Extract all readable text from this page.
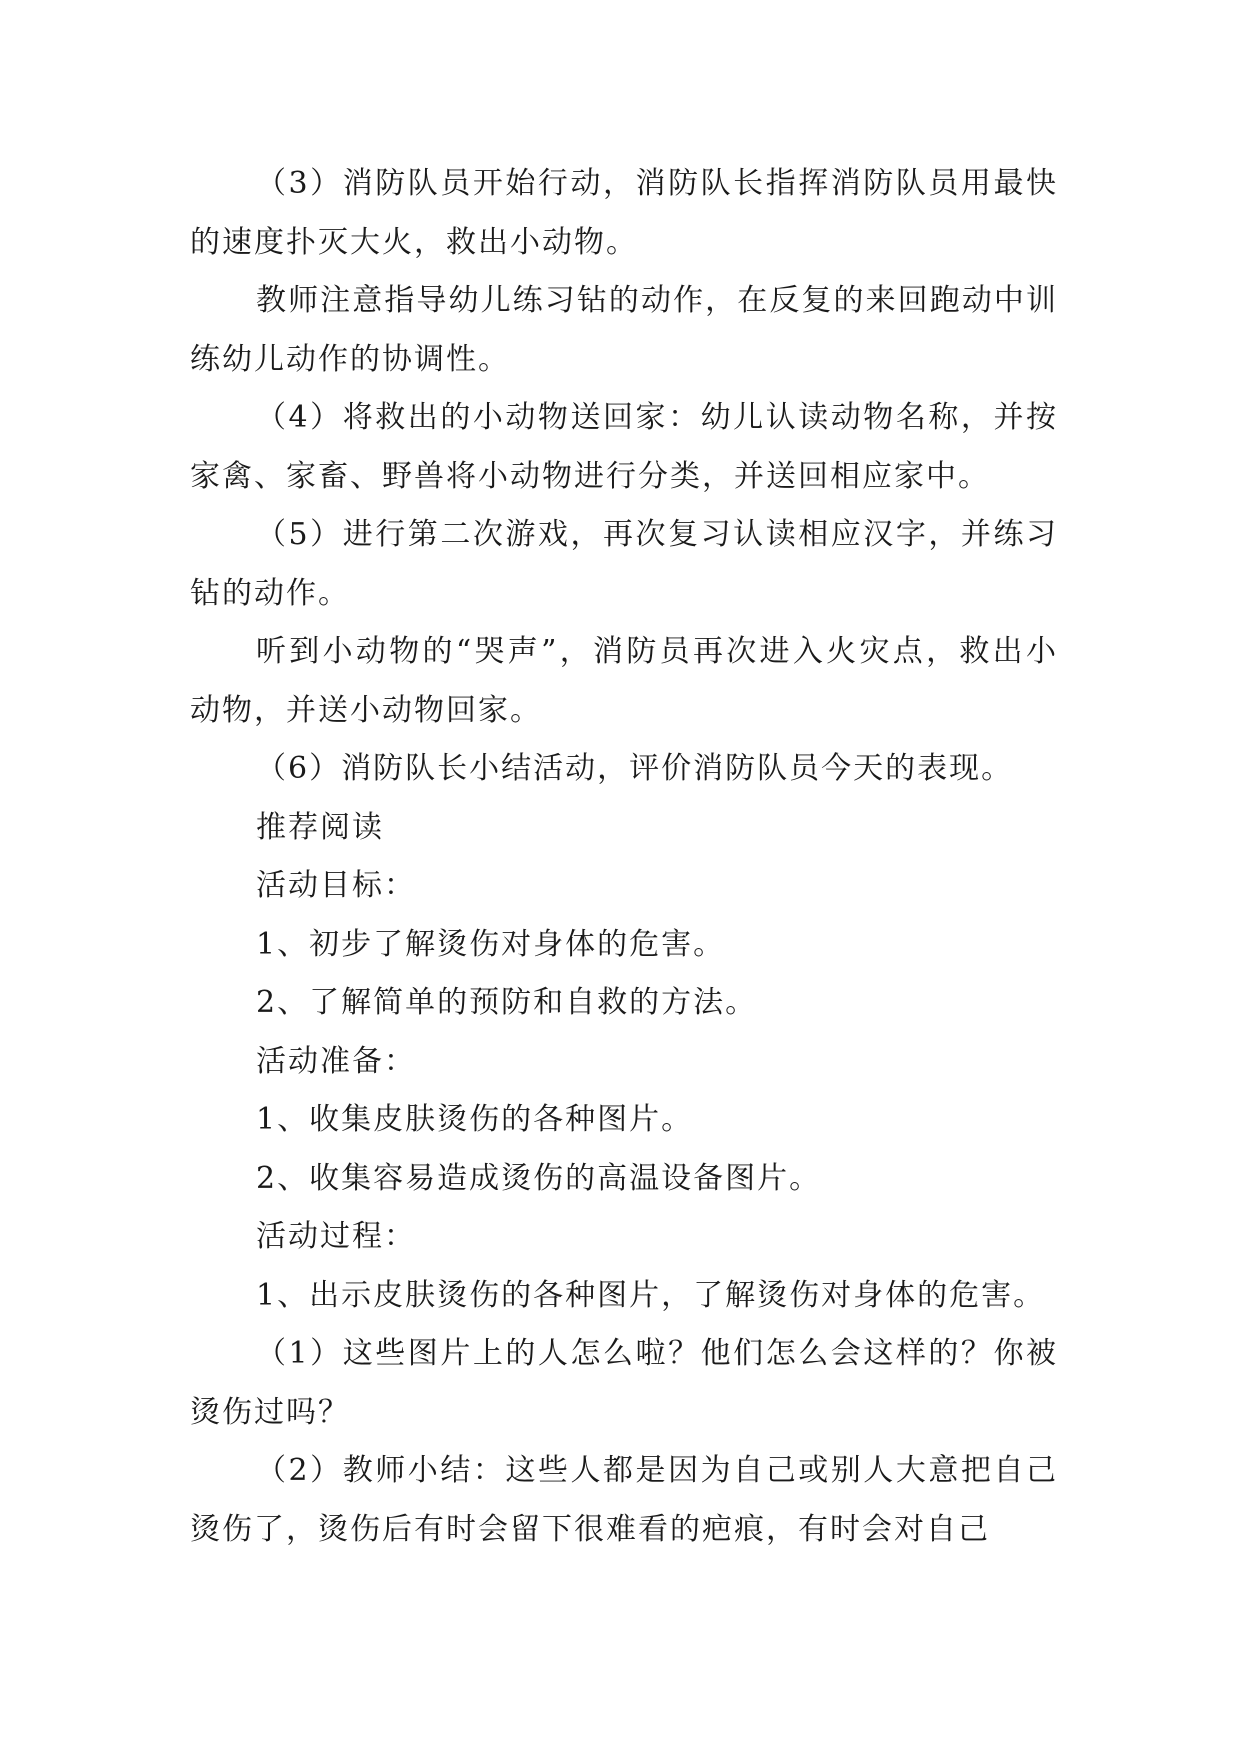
（3）消防队员开始行动，消防队长指挥消防队员用最快的速度扑灭大火，救出小动物。

教师注意指导幼儿练习钻的动作，在反复的来回跑动中训练幼儿动作的协调性。

（4）将救出的小动物送回家：幼儿认读动物名称，并按家禽、家畜、野兽将小动物进行分类，并送回相应家中。

（5）进行第二次游戏，再次复习认读相应汉字，并练习钻的动作。

听到小动物的“哭声”，消防员再次进入火灾点，救出小动物，并送小动物回家。

（6）消防队长小结活动，评价消防队员今天的表现。

推荐阅读

活动目标：

1、初步了解烫伤对身体的危害。

2、了解简单的预防和自救的方法。

活动准备：

1、收集皮肤烫伤的各种图片。

2、收集容易造成烫伤的高温设备图片。

活动过程：

1、出示皮肤烫伤的各种图片，了解烫伤对身体的危害。

（1）这些图片上的人怎么啦？他们怎么会这样的？你被烫伤过吗？

（2）教师小结：这些人都是因为自己或别人大意把自己烫伤了，烫伤后有时会留下很难看的疤痕，有时会对自己
